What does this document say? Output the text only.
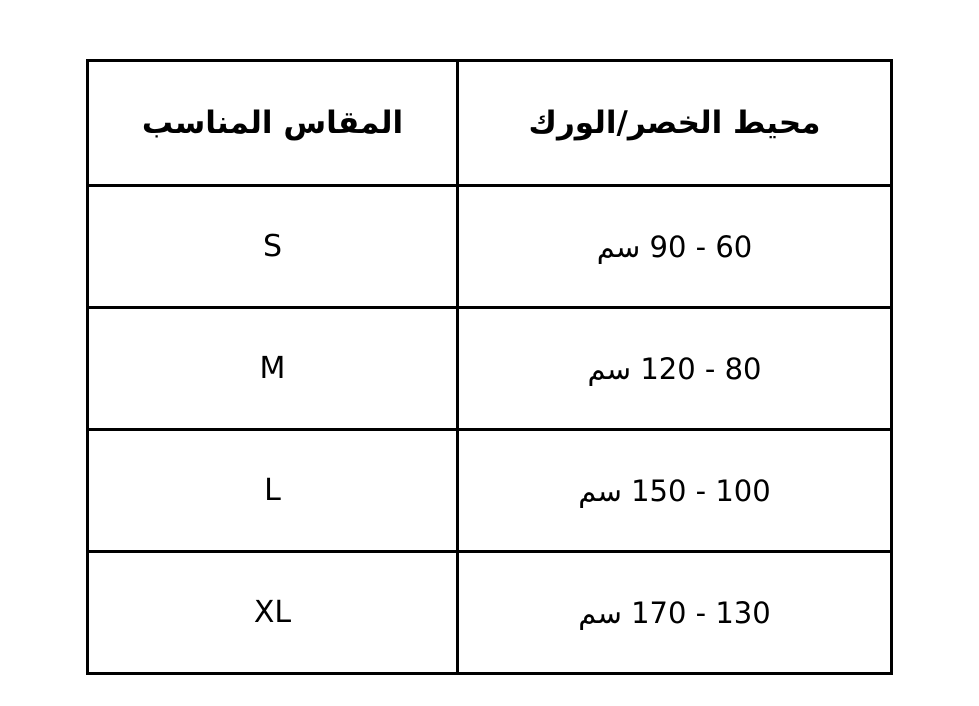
محيط الخصر/الورك	المقاس المناسب
60 - 90 سم	S
80 - 120 سم	M
100 - 150 سم	L
130 - 170 سم	XL
